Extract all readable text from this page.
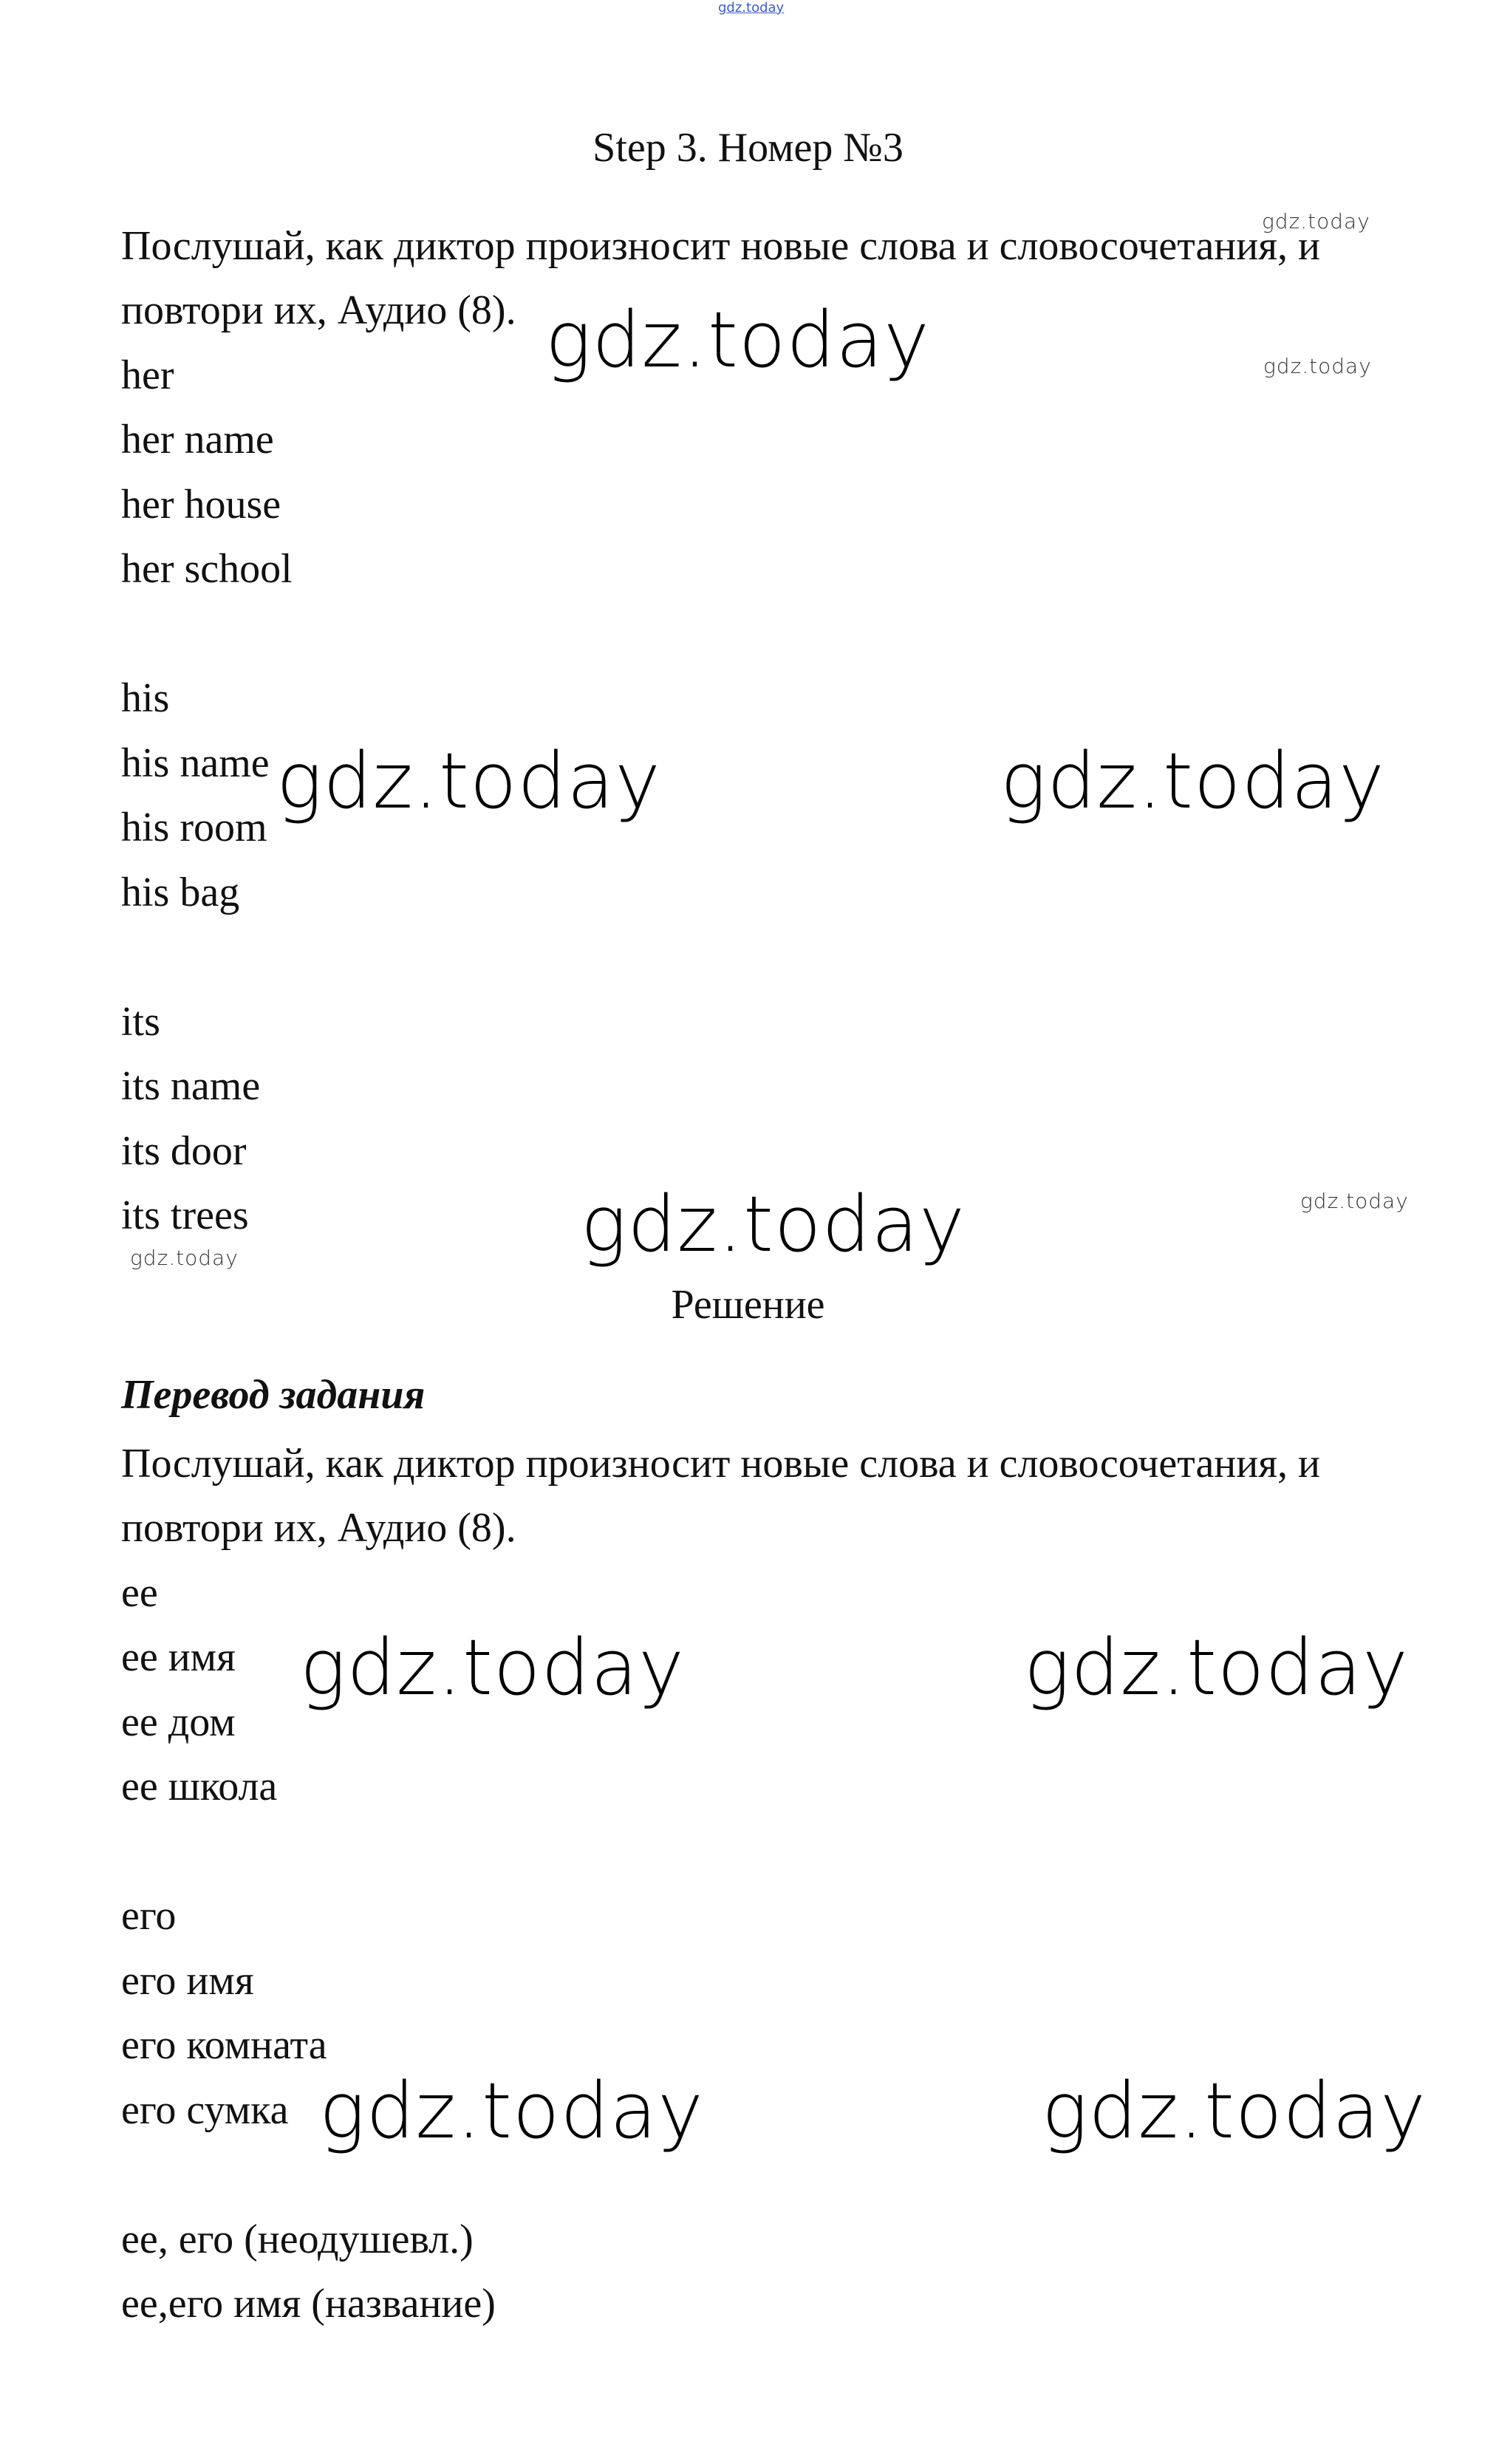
gdz.today
Step 3. Номер №3
Послушай, как диктор произносит новые слова и словосочетания, и
повтори их, Аудио (8).
her
her name
her house
her school
his
his name
his room
his bag
its
its name
its door
its trees
Решение
Перевод задания
Послушай, как диктор произносит новые слова и словосочетания, и
повтори их, Аудио (8).
ее
ее имя
ее дом
ее школа
его
его имя
его комната
его сумка
ее, его (неодушевл.)
ее,его имя (название)
gdz.today
gdz.today
gdz.today
gdz.today
gdz.today
gdz.today	gdz.today
gdz.today
gdz.today	gdz.today
gdz.today	gdz.today
